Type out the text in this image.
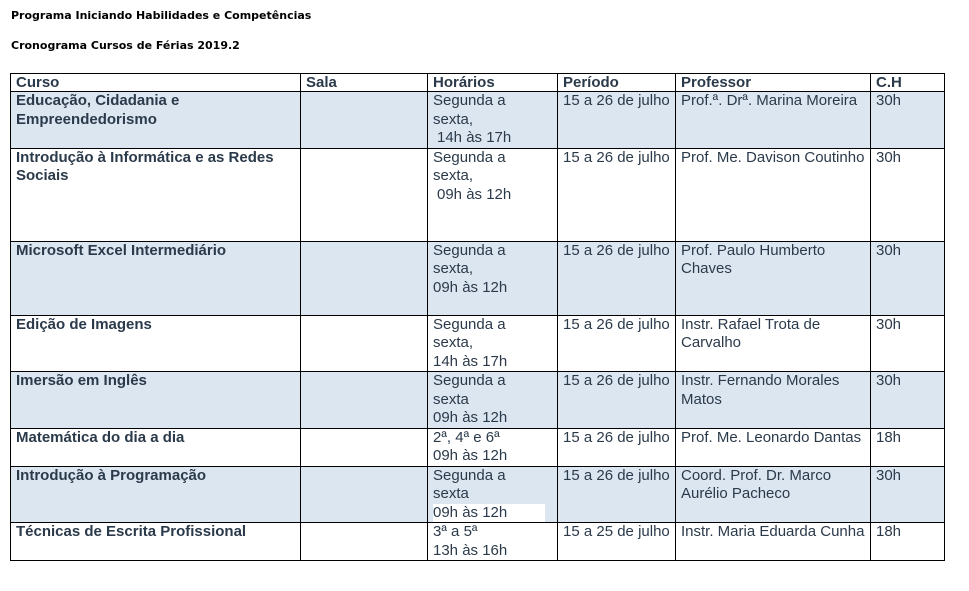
Programa Iniciando Habilidades e Competências
Cronograma Cursos de Férias 2019.2
Curso	Sala	Horários	Período	Professor	C.H
Educação, Cidadania e Empreendedorismo		Segunda a
sexta,
14h às 17h	15 a 26 de julho	Prof.ª. Drª. Marina Moreira	30h
Introdução à Informática e as Redes Sociais		Segunda a
sexta,
09h às 12h	15 a 26 de julho	Prof. Me. Davison Coutinho	30h
Microsoft Excel Intermediário		Segunda a
sexta,
09h às 12h	15 a 26 de julho	Prof. Paulo Humberto Chaves	30h
Edição de Imagens		Segunda a
sexta,
14h às 17h	15 a 26 de julho	Instr. Rafael Trota de Carvalho	30h
Imersão em Inglês		Segunda a
sexta
09h às 12h	15 a 26 de julho	Instr. Fernando Morales Matos	30h
Matemática do dia a dia		2ª, 4ª e 6ª
09h às 12h	15 a 26 de julho	Prof. Me. Leonardo Dantas	18h
Introdução à Programação		Segunda a
sexta
09h às 12h	15 a 26 de julho	Coord. Prof. Dr. Marco Aurélio Pacheco	30h
Técnicas de Escrita Profissional		3ª a 5ª
13h às 16h	15 a 25 de julho	Instr. Maria Eduarda Cunha	18h
